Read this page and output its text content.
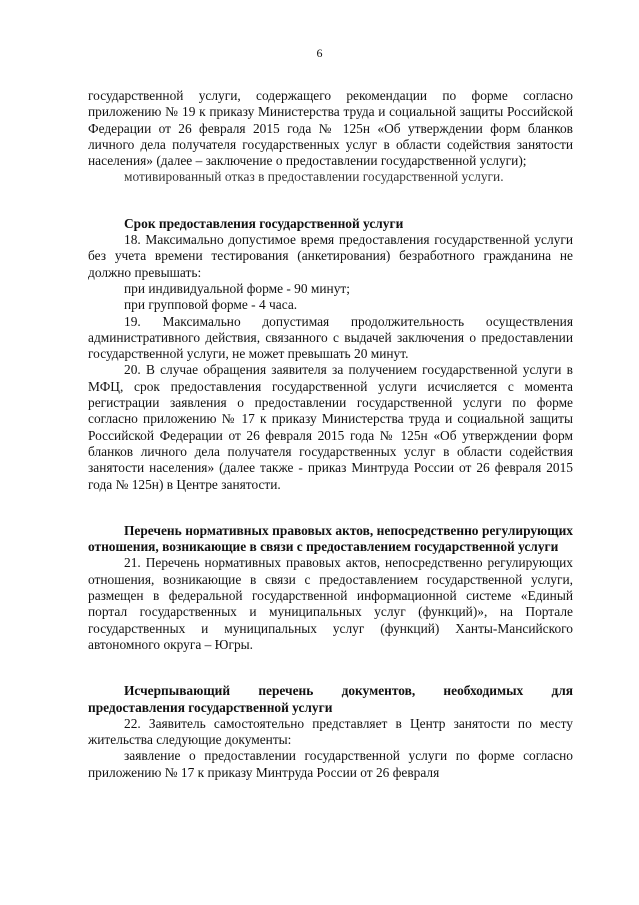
6

государственной услуги, содержащего рекомендации по форме согласно приложению № 19 к приказу Министерства труда и социальной защиты Российской Федерации от 26 февраля 2015 года № 125н «Об утверждении форм бланков личного дела получателя государственных услуг в области содействия занятости населения» (далее – заключение о предоставлении государственной услуги);

мотивированный отказ в предоставлении государственной услуги.

Срок предоставления государственной услуги

18. Максимально допустимое время предоставления государственной услуги без учета времени тестирования (анкетирования) безработного гражданина не должно превышать:

при индивидуальной форме - 90 минут;

при групповой форме - 4 часа.

19. Максимально допустимая продолжительность осуществления административного действия, связанного с выдачей заключения о предоставлении государственной услуги, не может превышать 20 минут.

20. В случае обращения заявителя за получением государственной услуги в МФЦ, срок предоставления государственной услуги исчисляется с момента регистрации заявления о предоставлении государственной услуги по форме согласно приложению № 17 к приказу Министерства труда и социальной защиты Российской Федерации от 26 февраля 2015 года № 125н «Об утверждении форм бланков личного дела получателя государственных услуг в области содействия занятости населения» (далее также - приказ Минтруда России от 26 февраля 2015 года № 125н) в Центре занятости.

Перечень нормативных правовых актов, непосредственно регулирующих отношения, возникающие в связи с предоставлением государственной услуги

21. Перечень нормативных правовых актов, непосредственно регулирующих отношения, возникающие в связи с предоставлением государственной услуги, размещен в федеральной государственной информационной системе «Единый портал государственных и муниципальных услуг (функций)», на Портале государственных и муниципальных услуг (функций) Ханты-Мансийского автономного округа – Югры.

Исчерпывающий перечень документов, необходимых для предоставления государственной услуги

22. Заявитель самостоятельно представляет в Центр занятости по месту жительства следующие документы:

заявление о предоставлении государственной услуги по форме согласно приложению № 17 к приказу Минтруда России от 26 февраля
